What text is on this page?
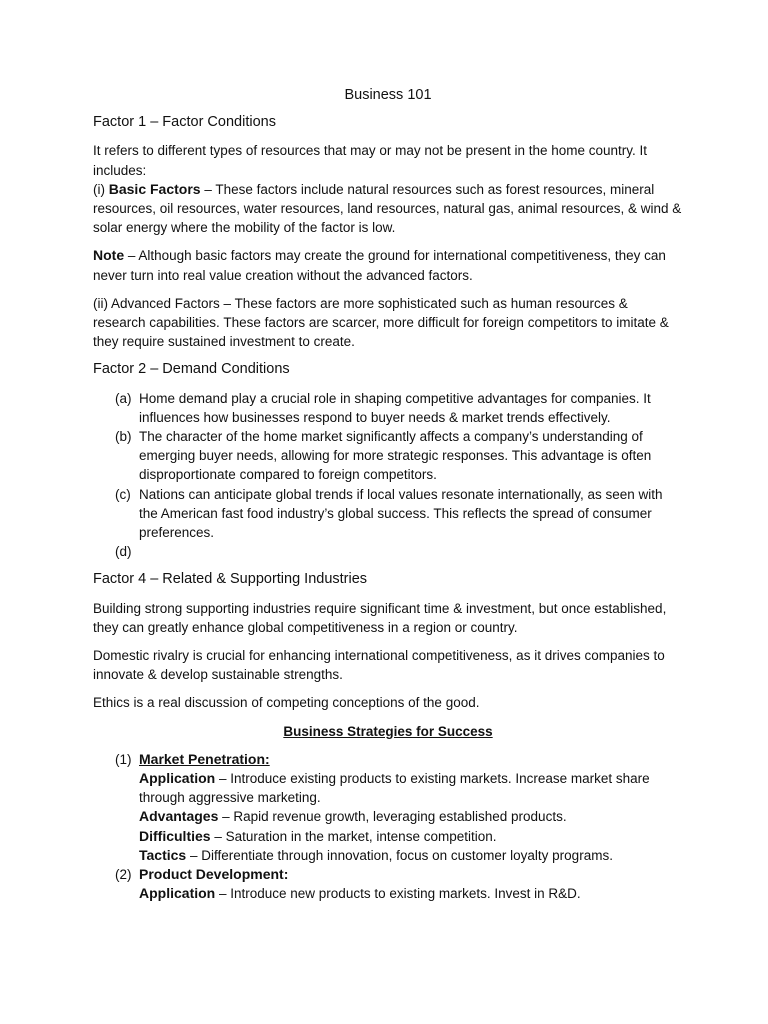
Business 101
Factor 1 – Factor Conditions

It refers to different types of resources that may or may not be present in the home country. It includes:
(i) Basic Factors – These factors include natural resources such as forest resources, mineral resources, oil resources, water resources, land resources, natural gas, animal resources, & wind & solar energy where the mobility of the factor is low.

Note – Although basic factors may create the ground for international competitiveness, they can never turn into real value creation without the advanced factors.

(ii) Advanced Factors – These factors are more sophisticated such as human resources & research capabilities. These factors are scarcer, more difficult for foreign competitors to imitate & they require sustained investment to create.

Factor 2 – Demand Conditions
(a) Home demand play a crucial role in shaping competitive advantages for companies. It influences how businesses respond to buyer needs & market trends effectively.
(b) The character of the home market significantly affects a company’s understanding of emerging buyer needs, allowing for more strategic responses. This advantage is often disproportionate compared to foreign competitors.
(c) Nations can anticipate global trends if local values resonate internationally, as seen with the American fast food industry’s global success. This reflects the spread of consumer preferences.
(d)
Factor 4 – Related & Supporting Industries

Building strong supporting industries require significant time & investment, but once established, they can greatly enhance global competitiveness in a region or country.

Domestic rivalry is crucial for enhancing international competitiveness, as it drives companies to innovate & develop sustainable strengths.

Ethics is a real discussion of competing conceptions of the good.

Business Strategies for Success
(1) Market Penetration:
Application – Introduce existing products to existing markets. Increase market share through aggressive marketing.
Advantages – Rapid revenue growth, leveraging established products.
Difficulties – Saturation in the market, intense competition.
Tactics – Differentiate through innovation, focus on customer loyalty programs.
(2) Product Development:
Application – Introduce new products to existing markets. Invest in R&D.
